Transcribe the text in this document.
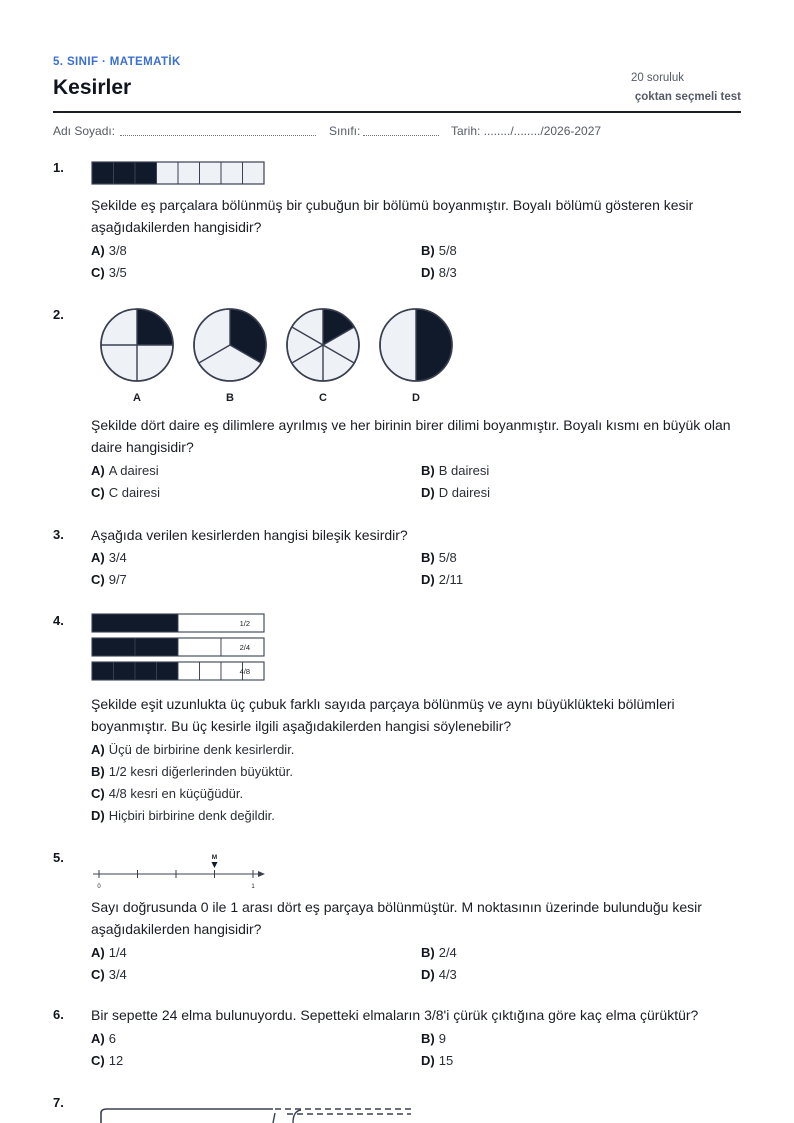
5. SINIF · MATEMATİK
Kesirler	20 soruluk
çoktan seçmeli test
Adı Soyadı:	Sınıfı:	Tarih: ......../......../2026-2027
1.
Şekilde eş parçalara bölünmüş bir çubuğun bir bölümü boyanmıştır. Boyalı bölümü gösteren kesir aşağıdakilerden hangisidir?
A) 3/8	B) 5/8
C) 3/5	D) 8/3
2.
A	B	C	D
Şekilde dört daire eş dilimlere ayrılmış ve her birinin birer dilimi boyanmıştır. Boyalı kısmı en büyük olan daire hangisidir?
A) A dairesi	B) B dairesi
C) C dairesi	D) D dairesi
3. Aşağıda verilen kesirlerden hangisi bileşik kesirdir?
A) 3/4	B) 5/8
C) 9/7	D) 2/11
4.	1/2
2/4
4/8
Şekilde eşit uzunlukta üç çubuk farklı sayıda parçaya bölünmüş ve aynı büyüklükteki bölümleri boyanmıştır. Bu üç kesirle ilgili aşağıdakilerden hangisi söylenebilir?
A) Üçü de birbirine denk kesirlerdir.
B) 1/2 kesri diğerlerinden büyüktür.
C) 4/8 kesri en küçüğüdür.
D) Hiçbiri birbirine denk değildir.
5.
0	1
M
Sayı doğrusunda 0 ile 1 arası dört eş parçaya bölünmüştür. M noktasının üzerinde bulunduğu kesir aşağıdakilerden hangisidir?
A) 1/4	B) 2/4
C) 3/4	D) 4/3
6. Bir sepette 24 elma bulunuyordu. Sepetteki elmaların 3/8'i çürük çıktığına göre kaç elma çürüktür?
A) 6	B) 9
C) 12	D) 15
7.
